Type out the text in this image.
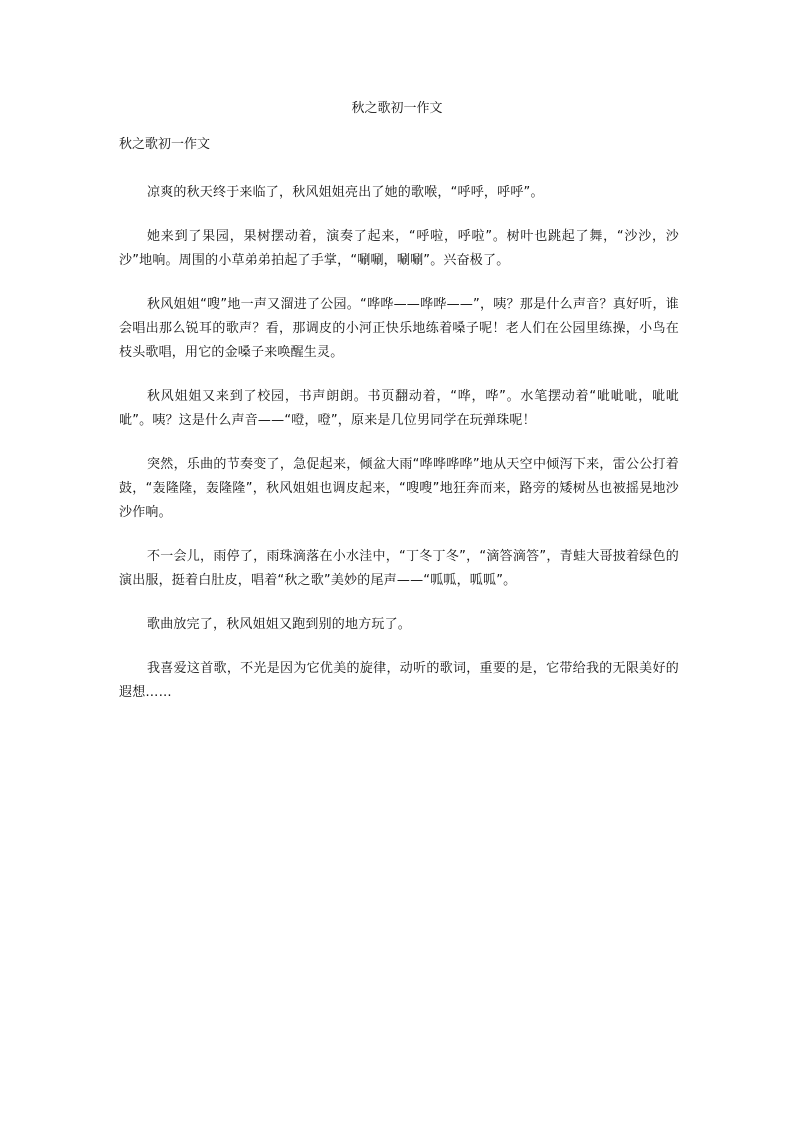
秋之歌初一作文
秋之歌初一作文

凉爽的秋天终于来临了，秋风姐姐亮出了她的歌喉，“呼呼，呼呼”。

她来到了果园，果树摆动着，演奏了起来，“呼啦，呼啦”。树叶也跳起了舞，“沙沙，沙沙”地响。周围的小草弟弟拍起了手掌，“唰唰，唰唰”。兴奋极了。

秋风姐姐“嗖”地一声又溜进了公园。“哗哗——哗哗——”，咦？那是什么声音？真好听，谁会唱出那么锐耳的歌声？看，那调皮的小河正快乐地练着嗓子呢！老人们在公园里练操，小鸟在枝头歌唱，用它的金嗓子来唤醒生灵。

秋风姐姐又来到了校园，书声朗朗。书页翻动着，“哗，哗”。水笔摆动着“呲呲呲，呲呲呲”。咦？这是什么声音——“噔，噔”，原来是几位男同学在玩弹珠呢！

突然，乐曲的节奏变了，急促起来，倾盆大雨“哗哗哗哗”地从天空中倾泻下来，雷公公打着鼓，“轰隆隆，轰隆隆”，秋风姐姐也调皮起来，“嗖嗖”地狂奔而来，路旁的矮树丛也被摇晃地沙沙作响。

不一会儿，雨停了，雨珠滴落在小水洼中，“丁冬丁冬”，“滴答滴答”，青蛙大哥披着绿色的演出服，挺着白肚皮，唱着“秋之歌”美妙的尾声——“呱呱，呱呱”。

歌曲放完了，秋风姐姐又跑到别的地方玩了。

我喜爱这首歌，不光是因为它优美的旋律，动听的歌词，重要的是，它带给我的无限美好的遐想……
